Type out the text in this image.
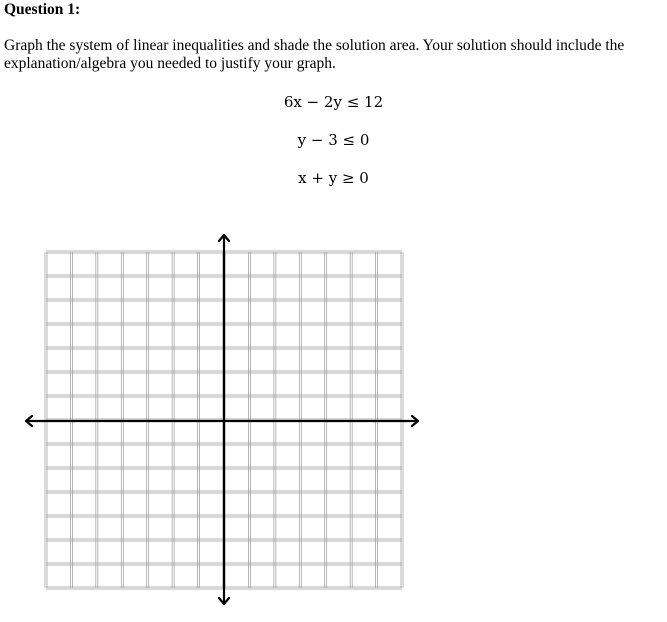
Question 1:
Graph the system of linear inequalities and shade the solution area. Your solution should include the explanation/algebra you needed to justify your graph.
6x − 2y ≤ 12
y − 3 ≤ 0
x + y ≥ 0
